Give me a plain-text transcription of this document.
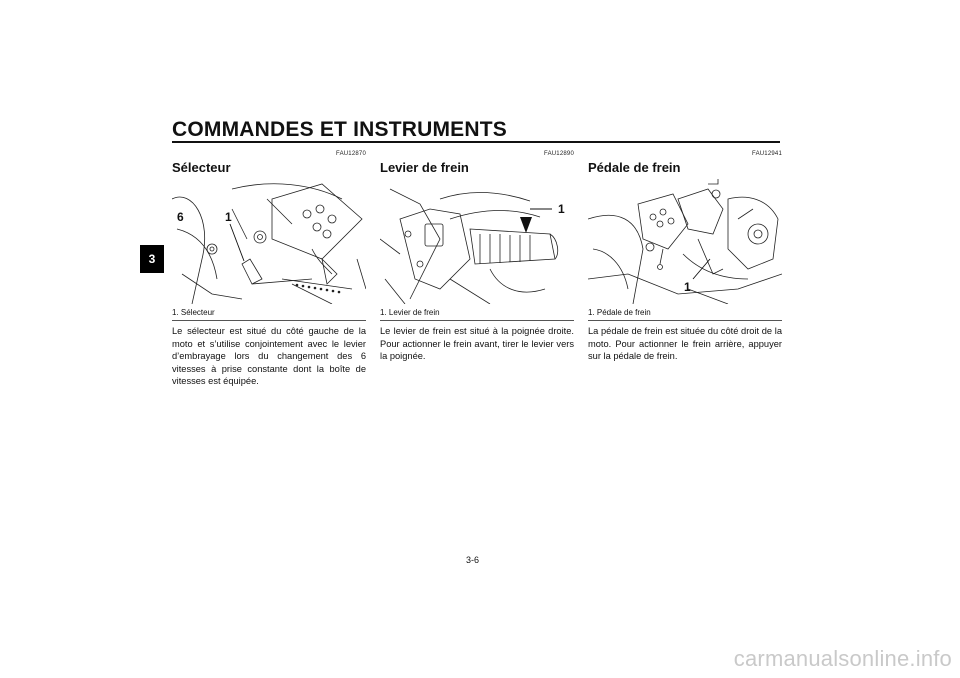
COMMANDES ET INSTRUMENTS
3
FAU12870
Sélecteur
1
6
1. Sélecteur
Le sélecteur est situé du côté gauche de la moto et s’utilise conjointement avec le levier d’embrayage lors du changement des 6 vitesses à prise constante dont la boîte de vitesses est équipée.
FAU12890
Levier de frein
1
1. Levier de frein
Le levier de frein est situé à la poignée droite. Pour actionner le frein avant, tirer le levier vers la poignée.
FAU12941
Pédale de frein
1
1. Pédale de frein
La pédale de frein est située du côté droit de la moto. Pour actionner le frein arrière, appuyer sur la pédale de frein.
3-6
carmanualsonline.info
